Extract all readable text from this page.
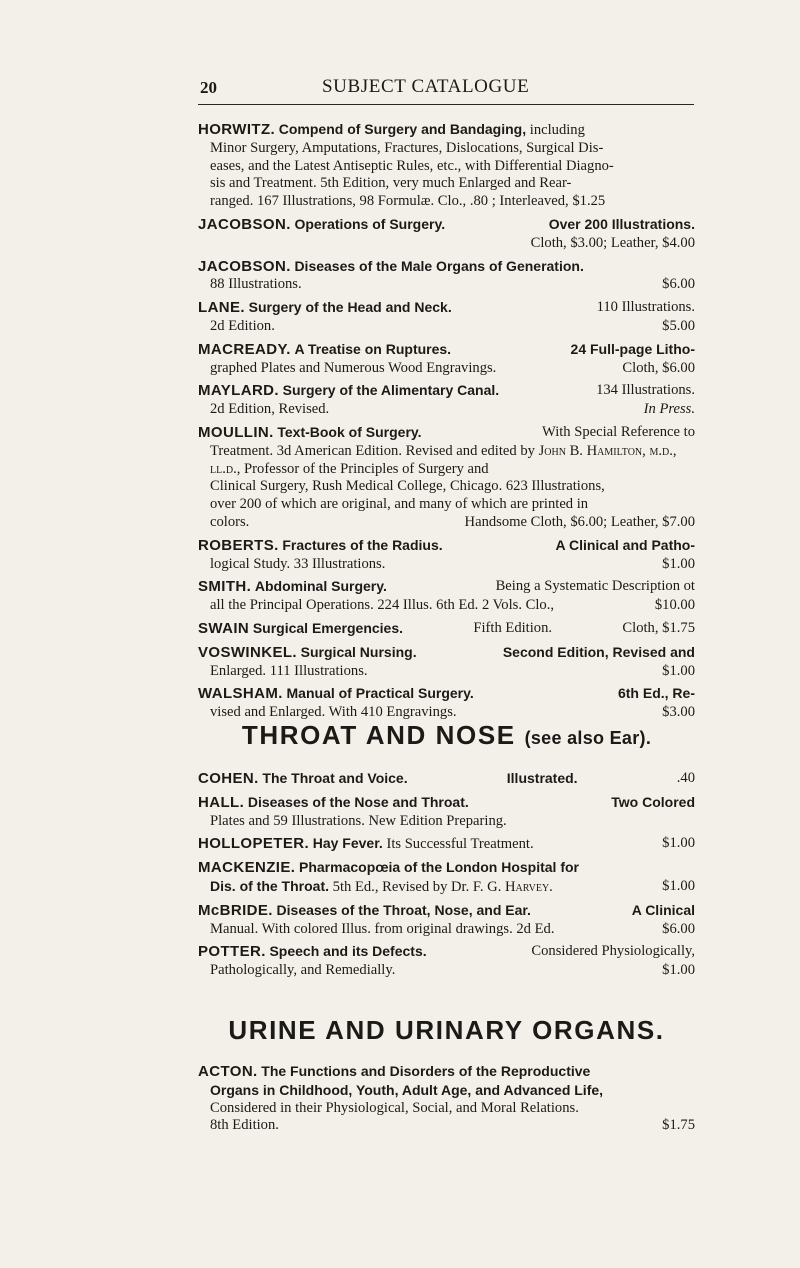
20	SUBJECT CATALOGUE
HORWITZ. Compend of Surgery and Bandaging, including
Minor Surgery, Amputations, Fractures, Dislocations, Surgical Dis-
eases, and the Latest Antiseptic Rules, etc., with Differential Diagno-
sis and Treatment. 5th Edition, very much Enlarged and Rear-
ranged. 167 Illustrations, 98 Formulæ. Clo., .80 ; Interleaved, $1.25
JACOBSON. Operations of Surgery.	Over 200 Illustrations.
Cloth, $3.00; Leather, $4.00
JACOBSON. Diseases of the Male Organs of Generation.
88 Illustrations.	$6.00
LANE. Surgery of the Head and Neck.	110 Illustrations.
2d Edition.	$5.00
MACREADY. A Treatise on Ruptures.	24 Full-page Litho-
graphed Plates and Numerous Wood Engravings.	Cloth, $6.00
MAYLARD. Surgery of the Alimentary Canal.	134 Illustrations.
2d Edition, Revised.	In Press.
MOULLIN. Text-Book of Surgery.	With Special Reference to
Treatment. 3d American Edition. Revised and edited by John B. Hamilton, m.d., ll.d., Professor of the Principles of Surgery and
Clinical Surgery, Rush Medical College, Chicago. 623 Illustrations,
over 200 of which are original, and many of which are printed in
colors.	Handsome Cloth, $6.00; Leather, $7.00
ROBERTS. Fractures of the Radius.	A Clinical and Patho-
logical Study. 33 Illustrations.	$1.00
SMITH. Abdominal Surgery.	Being a Systematic Description ot
all the Principal Operations. 224 Illus. 6th Ed. 2 Vols. Clo.,	$10.00
SWAIN Surgical Emergencies.	Fifth Edition.	Cloth, $1.75
VOSWINKEL. Surgical Nursing.	Second Edition, Revised and
Enlarged. 111 Illustrations.	$1.00
WALSHAM. Manual of Practical Surgery.	6th Ed., Re-
vised and Enlarged. With 410 Engravings.	$3.00
THROAT AND NOSE (see also Ear).
COHEN. The Throat and Voice.	Illustrated.	.40
HALL. Diseases of the Nose and Throat.	Two Colored
Plates and 59 Illustrations. New Edition Preparing.
HOLLOPETER. Hay Fever. Its Successful Treatment.	$1.00
MACKENZIE. Pharmacopœia of the London Hospital for
Dis. of the Throat. 5th Ed., Revised by Dr. F. G. Harvey.	$1.00
McBRIDE. Diseases of the Throat, Nose, and Ear.	A Clinical
Manual. With colored Illus. from original drawings. 2d Ed.	$6.00
POTTER. Speech and its Defects.	Considered Physiologically,
Pathologically, and Remedially.	$1.00
URINE AND URINARY ORGANS.
ACTON. The Functions and Disorders of the Reproductive
Organs in Childhood, Youth, Adult Age, and Advanced Life,
Considered in their Physiological, Social, and Moral Relations.
8th Edition.	$1.75
